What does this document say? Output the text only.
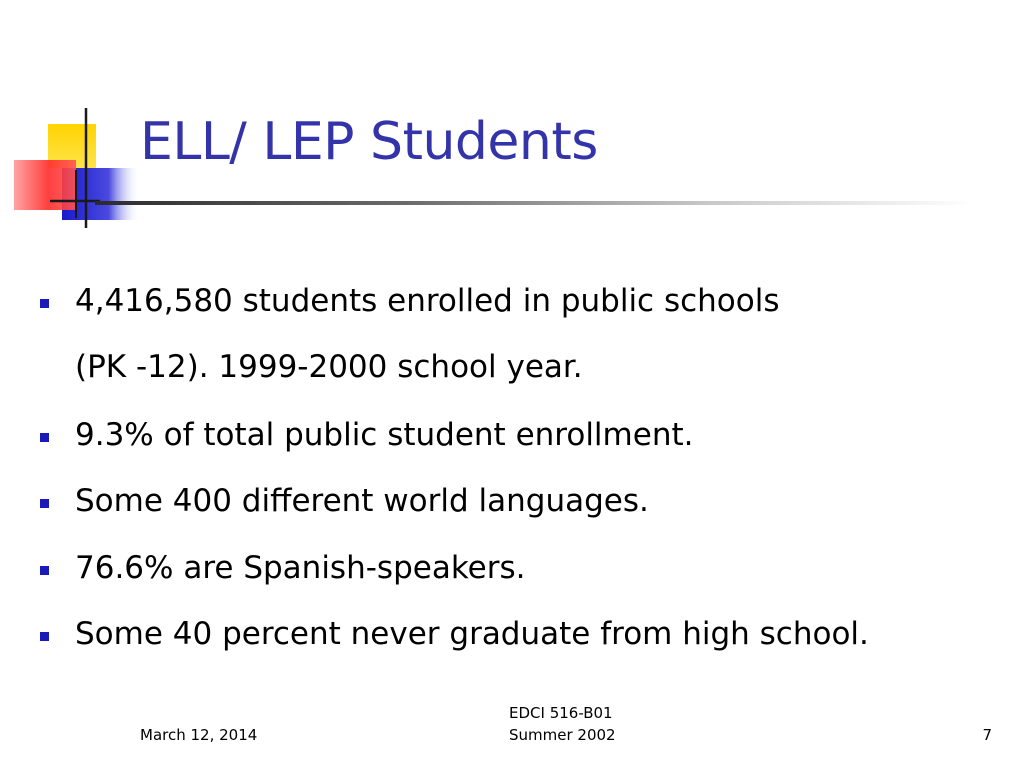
ELL/ LEP Students
4,416,580 students enrolled in public schools
(PK -12). 1999-2000 school year.
9.3% of total public student enrollment.
Some 400 different world languages.
76.6% are Spanish-speakers.
Some 40 percent never graduate from high school.
March 12, 2014
EDCI 516-B01
Summer 2002	7
